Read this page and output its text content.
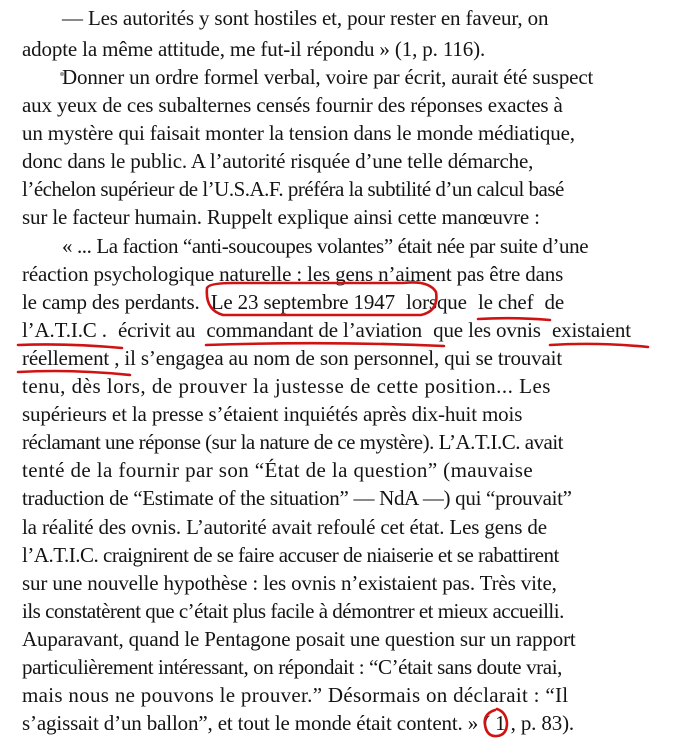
— Les autorités y sont hostiles et, pour rester en faveur, on

adopte la même attitude, me fut-il répondu » (1, p. 116).

Donner un ordre formel verbal, voire par écrit, aurait été suspect

aux yeux de ces subalternes censés fournir des réponses exactes à

un mystère qui faisait monter la tension dans le monde médiatique,

donc dans le public. A l’autorité risquée d’une telle démarche,

l’échelon supérieur de l’U.S.A.F. préféra la subtilité d’un calcul basé

sur le facteur humain. Ruppelt explique ainsi cette manœuvre :

« ... La faction “anti-soucoupes volantes” était née par suite d’une

réaction psychologique naturelle : les gens n’aiment pas être dans

le camp des perdants. Le 23 septembre 1947 lorsque le chef de

l’A.T.I.C . écrivit au commandant de l’aviation que les ovnis existaient

réellement , il s’engagea au nom de son personnel, qui se trouvait

tenu, dès lors, de prouver la justesse de cette position... Les

supérieurs et la presse s’étaient inquiétés après dix-huit mois

réclamant une réponse (sur la nature de ce mystère). L’A.T.I.C. avait

tenté de la fournir par son “État de la question” (mauvaise

traduction de “Estimate of the situation” — NdA —) qui “prouvait”

la réalité des ovnis. L’autorité avait refoulé cet état. Les gens de

l’A.T.I.C. craignirent de se faire accuser de niaiserie et se rabattirent

sur une nouvelle hypothèse : les ovnis n’existaient pas. Très vite,

ils constatèrent que c’était plus facile à démontrer et mieux accueilli.

Auparavant, quand le Pentagone posait une question sur un rapport

particulièrement intéressant, on répondait : “C’était sans doute vrai,

mais nous ne pouvons le prouver.” Désormais on déclarait : “Il

s’agissait d’un ballon”, et tout le monde était content. » ( 1 , p. 83).
